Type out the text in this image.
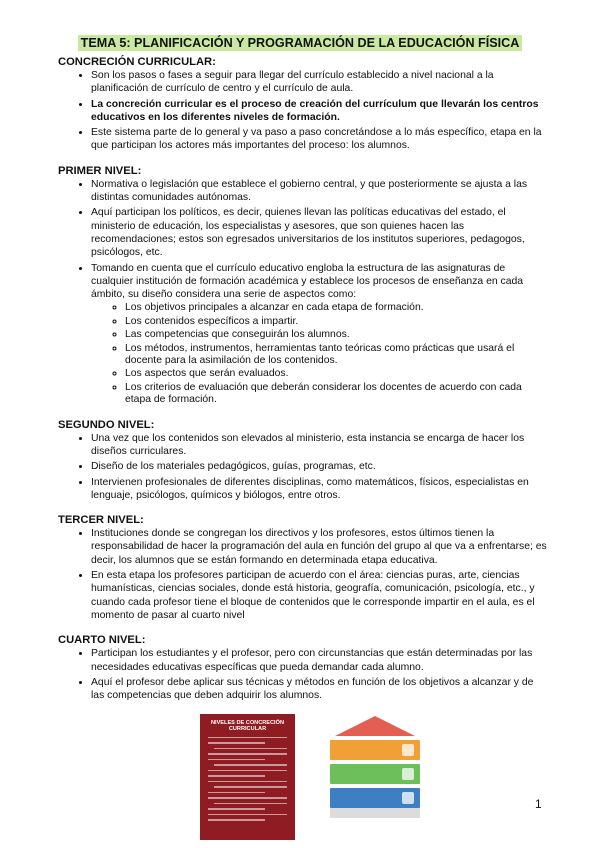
TEMA 5: PLANIFICACIÓN Y PROGRAMACIÓN DE LA EDUCACIÓN FÍSICA
CONCRECIÓN CURRICULAR:
• Son los pasos o fases a seguir para llegar del currículo establecido a nivel nacional a la planificación de currículo de centro y el currículo de aula.
• La concreción curricular es el proceso de creación del currículum que llevarán los centros educativos en los diferentes niveles de formación.
• Este sistema parte de lo general y va paso a paso concretándose a lo más específico, etapa en la que participan los actores más importantes del proceso: los alumnos.
PRIMER NIVEL:
• Normativa o legislación que establece el gobierno central, y que posteriormente se ajusta a las distintas comunidades autónomas.
• Aquí participan los políticos, es decir, quienes llevan las políticas educativas del estado, el ministerio de educación, los especialistas y asesores, que son quienes hacen las recomendaciones; estos son egresados universitarios de los institutos superiores, pedagogos, psicólogos, etc.
• Tomando en cuenta que el currículo educativo engloba la estructura de las asignaturas de cualquier institución de formación académica y establece los procesos de enseñanza en cada ámbito, su diseño considera una serie de aspectos como:
◦ Los objetivos principales a alcanzar en cada etapa de formación.
◦ Los contenidos específicos a impartir.
◦ Las competencias que conseguirán los alumnos.
◦ Los métodos, instrumentos, herramientas tanto teóricas como prácticas que usará el docente para la asimilación de los contenidos.
◦ Los aspectos que serán evaluados.
◦ Los criterios de evaluación que deberán considerar los docentes de acuerdo con cada etapa de formación.
SEGUNDO NIVEL:
• Una vez que los contenidos son elevados al ministerio, esta instancia se encarga de hacer los diseños curriculares.
• Diseño de los materiales pedagógicos, guías, programas, etc.
• Intervienen profesionales de diferentes disciplinas, como matemáticos, físicos, especialistas en lenguaje, psicólogos, químicos y biólogos, entre otros.
TERCER NIVEL:
• Instituciones donde se congregan los directivos y los profesores, estos últimos tienen la responsabilidad de hacer la programación del aula en función del grupo al que va a enfrentarse; es decir, los alumnos que se están formando en determinada etapa educativa.
• En esta etapa los profesores participan de acuerdo con el área: ciencias puras, arte, ciencias humanísticas, ciencias sociales, donde está historia, geografía, comunicación, psicología, etc., y cuando cada profesor tiene el bloque de contenidos que le corresponde impartir en el aula, es el momento de pasar al cuarto nivel
CUARTO NIVEL:
• Participan los estudiantes y el profesor, pero con circunstancias que están determinadas por las necesidades educativas específicas que pueda demandar cada alumno.
• Aquí el profesor debe aplicar sus técnicas y métodos en función de los objetivos a alcanzar y de las competencias que deben adquirir los alumnos.
NIVELES DE CONCRECIÓN CURRICULAR
1
